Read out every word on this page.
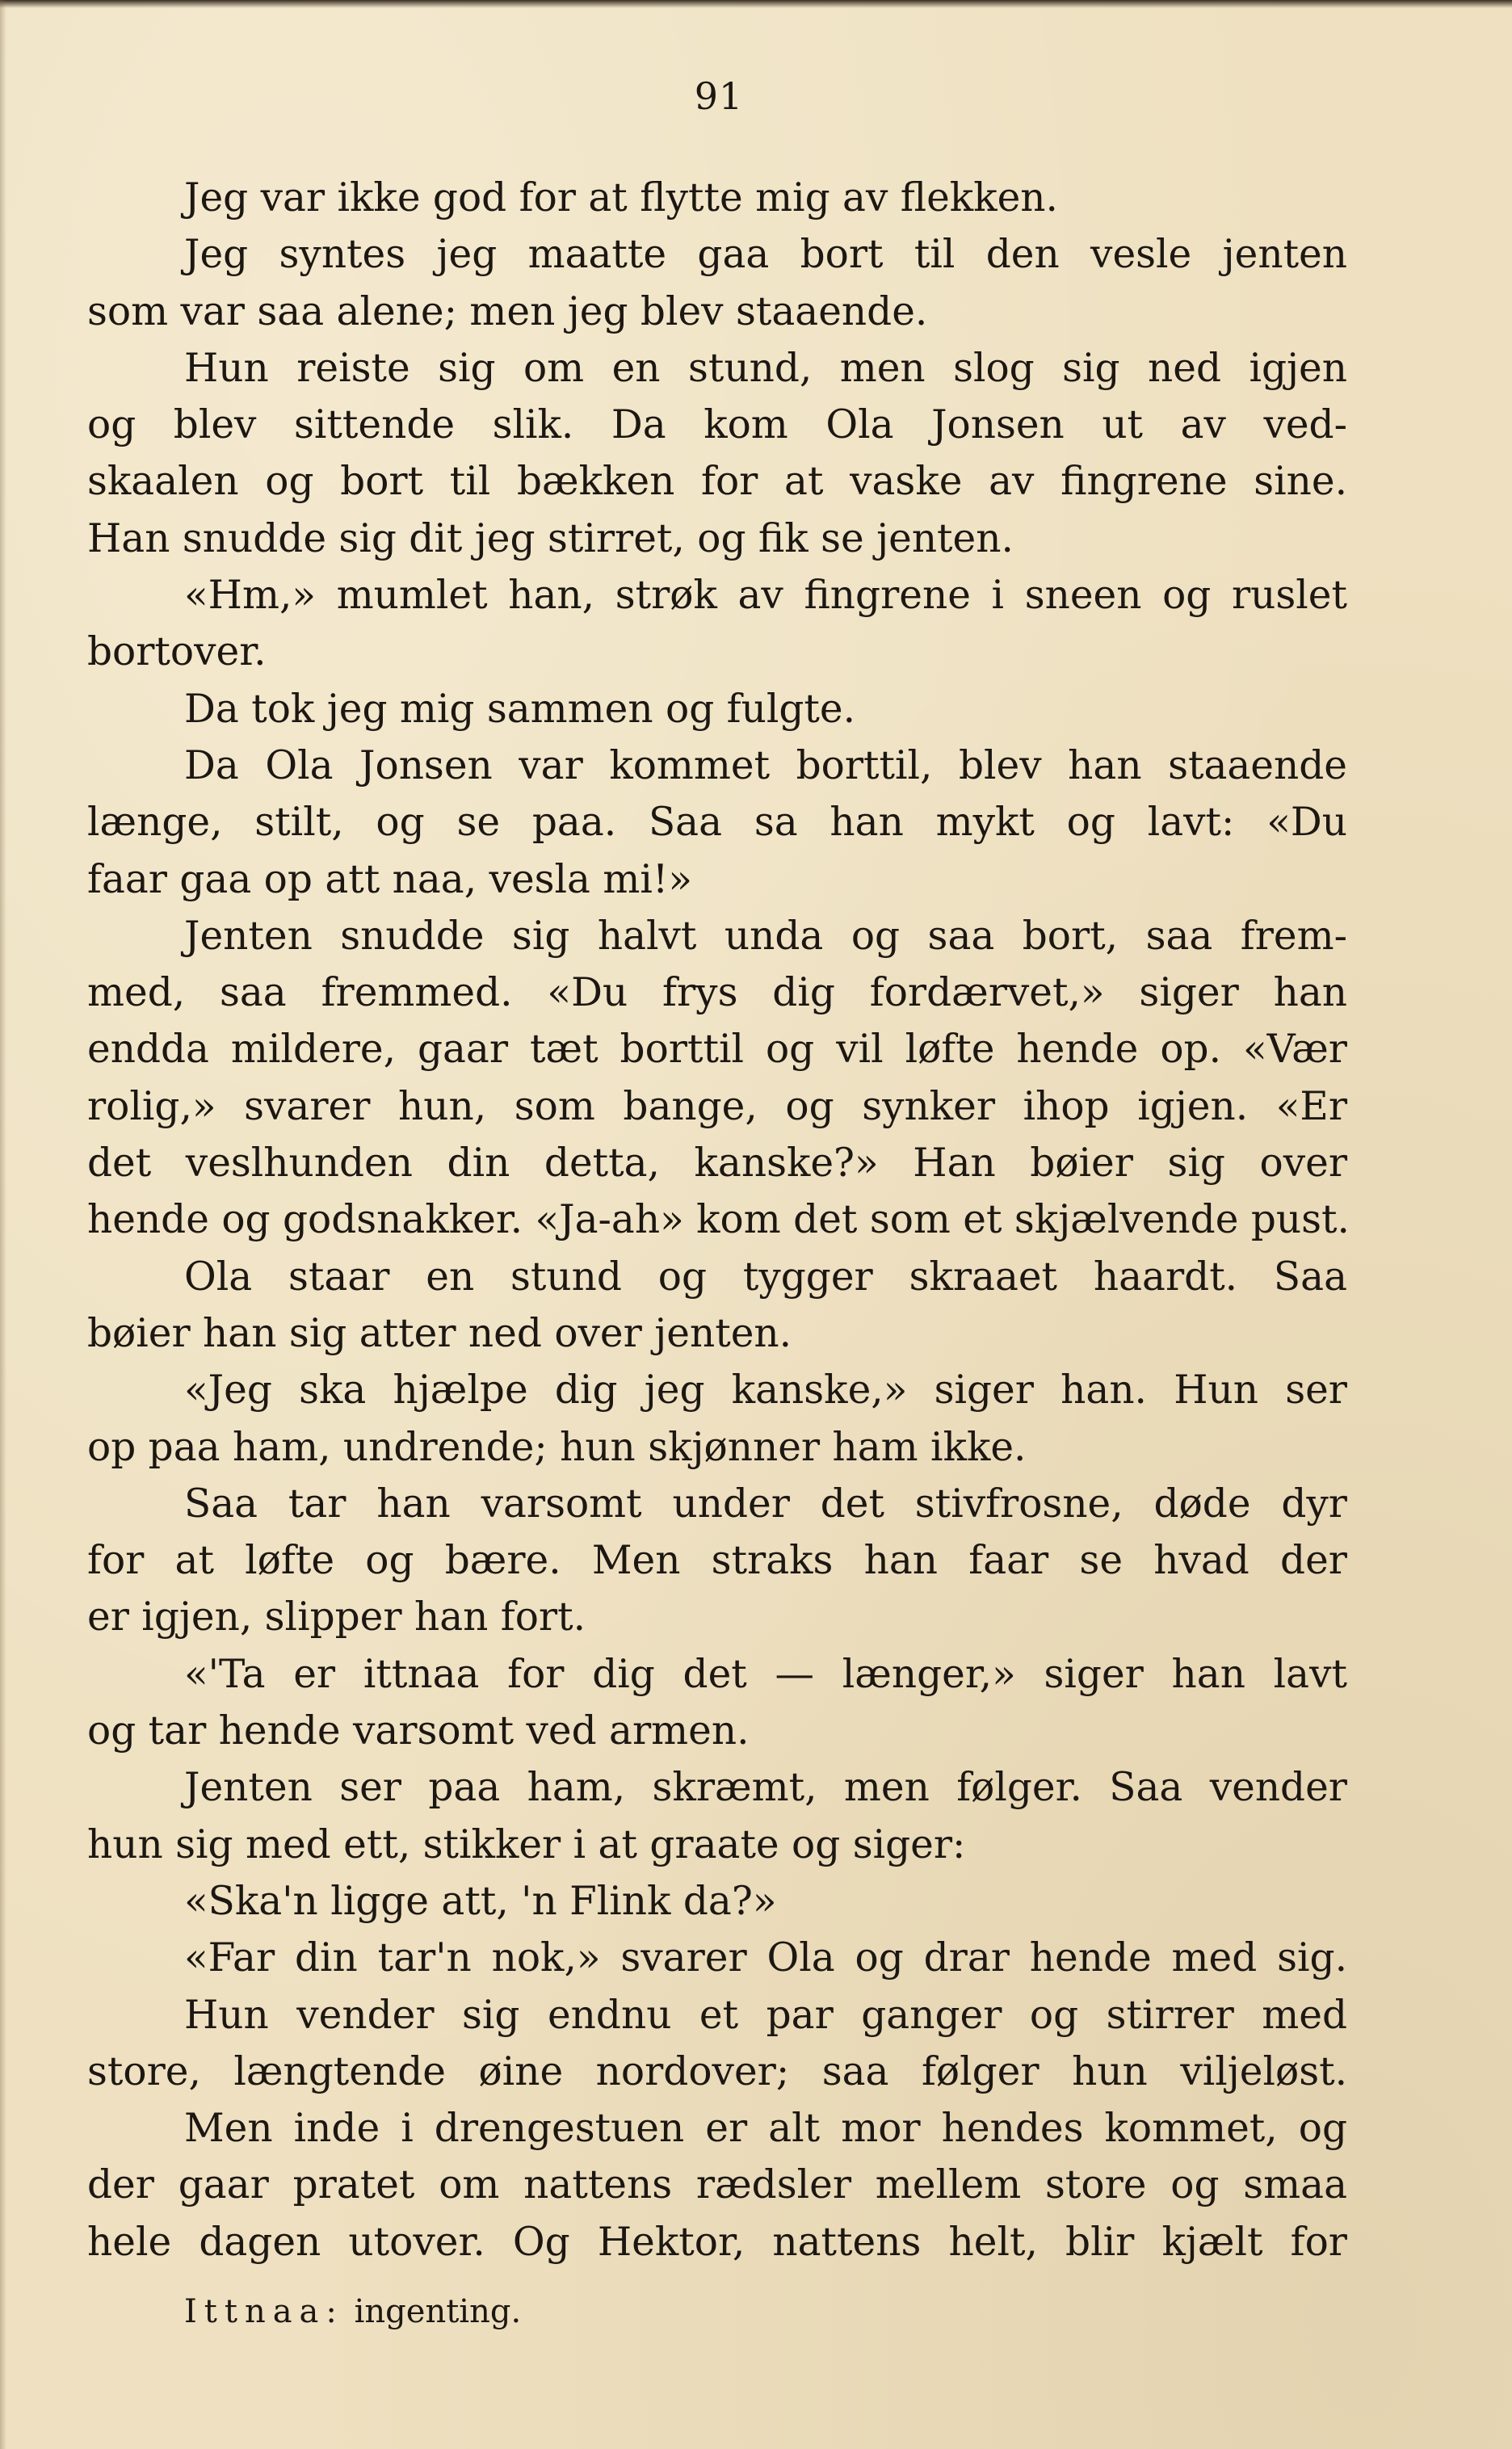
91
Jeg var ikke god for at flytte mig av flekken.
Jeg syntes jeg maatte gaa bort til den vesle jenten
som var saa alene; men jeg blev staaende.
Hun reiste sig om en stund, men slog sig ned igjen
og blev sittende slik. Da kom Ola Jonsen ut av ved-
skaalen og bort til bækken for at vaske av fingrene sine.
Han snudde sig dit jeg stirret, og fik se jenten.
«Hm,» mumlet han, strøk av fingrene i sneen og ruslet
bortover.
Da tok jeg mig sammen og fulgte.
Da Ola Jonsen var kommet borttil, blev han staaende
længe, stilt, og se paa. Saa sa han mykt og lavt: «Du
faar gaa op att naa, vesla mi!»
Jenten snudde sig halvt unda og saa bort, saa frem-
med, saa fremmed. «Du frys dig fordærvet,» siger han
endda mildere, gaar tæt borttil og vil løfte hende op. «Vær
rolig,» svarer hun, som bange, og synker ihop igjen. «Er
det veslhunden din detta, kanske?» Han bøier sig over
hende og godsnakker. «Ja-ah» kom det som et skjælvende pust.
Ola staar en stund og tygger skraaet haardt. Saa
bøier han sig atter ned over jenten.
«Jeg ska hjælpe dig jeg kanske,» siger han. Hun ser
op paa ham, undrende; hun skjønner ham ikke.
Saa tar han varsomt under det stivfrosne, døde dyr
for at løfte og bære. Men straks han faar se hvad der
er igjen, slipper han fort.
«'Ta er ittnaa for dig det — længer,» siger han lavt
og tar hende varsomt ved armen.
Jenten ser paa ham, skræmt, men følger. Saa vender
hun sig med ett, stikker i at graate og siger:
«Ska'n ligge att, 'n Flink da?»
«Far din tar'n nok,» svarer Ola og drar hende med sig.
Hun vender sig endnu et par ganger og stirrer med
store, længtende øine nordover; saa følger hun viljeløst.
Men inde i drengestuen er alt mor hendes kommet, og
der gaar pratet om nattens rædsler mellem store og smaa
hele dagen utover. Og Hektor, nattens helt, blir kjælt for
Ittnaa: ingenting.
